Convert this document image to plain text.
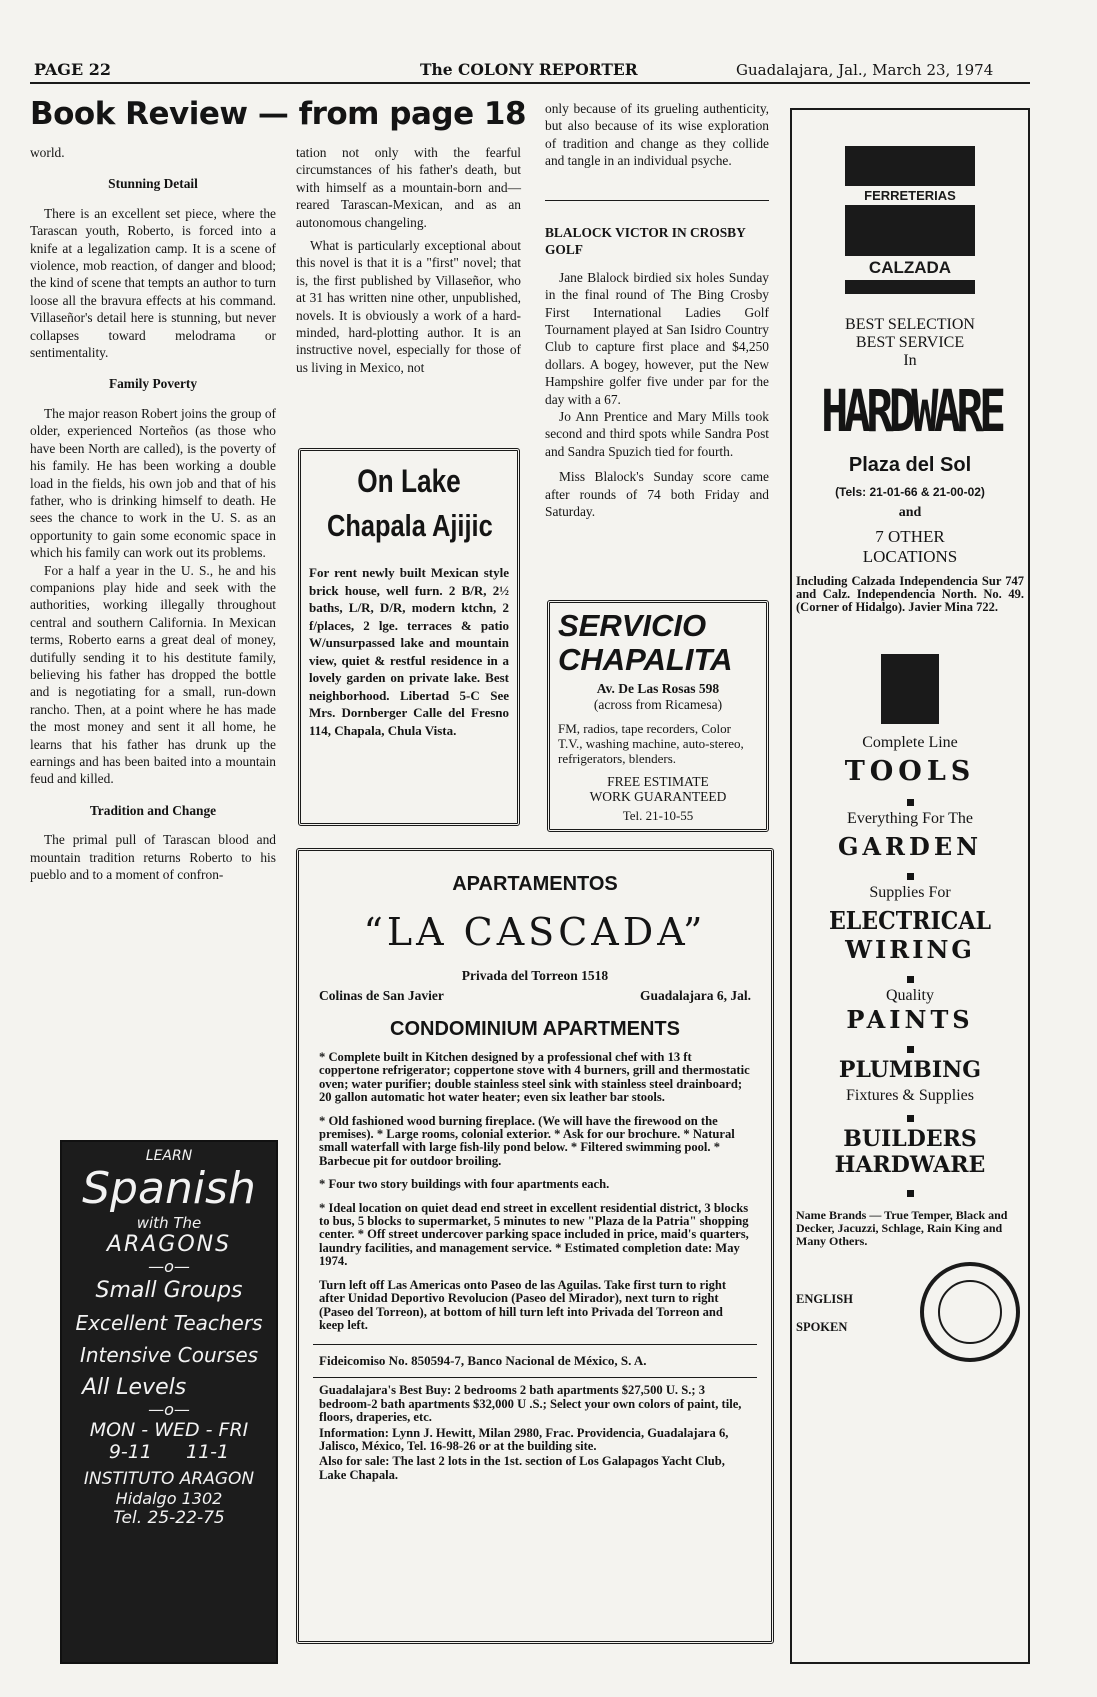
PAGE 22	The COLONY REPORTER	Guadalajara, Jal., March 23, 1974
Book Review — from page 18
world.
Stunning Detail

There is an excellent set piece, where the Tarascan youth, Roberto, is forced into a knife at a legalization camp. It is a scene of violence, mob reaction, of danger and blood; the kind of scene that tempts an author to turn loose all the bravura effects at his command. Villaseñor's detail here is stunning, but never collapses toward melodrama or sentimentality.

Family Poverty

The major reason Robert joins the group of older, experienced Norteños (as those who have been North are called), is the poverty of his family. He has been working a double load in the fields, his own job and that of his father, who is drinking himself to death. He sees the chance to work in the U. S. as an opportunity to gain some economic space in which his family can work out its problems.

For a half a year in the U. S., he and his companions play hide and seek with the authorities, working illegally throughout central and southern California. In Mexican terms, Roberto earns a great deal of money, dutifully sending it to his destitute family, believing his father has dropped the bottle and is negotiating for a small, run-down rancho. Then, at a point where he has made the most money and sent it all home, he learns that his father has drunk up the earnings and has been baited into a mountain feud and killed.

Tradition and Change

The primal pull of Tarascan blood and mountain tradition returns Roberto to his pueblo and to a moment of confron-

LEARN
Spanish
with The
ARAGONS
—o—
Small Groups
Excellent Teachers
Intensive Courses
All Levels
—o—
MON - WED - FRI
9-11 11-1
INSTITUTO ARAGON
Hidalgo 1302
Tel. 25-22-75

tation not only with the fearful circumstances of his father's death, but with himself as a mountain-born and—reared Tarascan-Mexican, and as an autonomous changeling.

What is particularly exceptional about this novel is that it is a "first" novel; that is, the first published by Villaseñor, who at 31 has written nine other, unpublished, novels. It is obviously a work of a hard-minded, hard-plotting author. It is an instructive novel, especially for those of us living in Mexico, not

On Lake
Chapala Ajijic
For rent newly built Mexican style brick house, well furn. 2 B/R, 2½ baths, L/R, D/R, modern ktchn, 2 f/places, 2 lge. terraces & patio W/unsurpassed lake and mountain view, quiet & restful residence in a lovely garden on private lake. Best neighborhood. Libertad 5-C See Mrs. Dornberger Calle del Fresno 114, Chapala, Chula Vista.

only because of its grueling authenticity, but also because of its wise exploration of tradition and change as they collide and tangle in an individual psyche.

BLALOCK VICTOR IN CROSBY GOLF

Jane Blalock birdied six holes Sunday in the final round of The Bing Crosby First International Ladies Golf Tournament played at San Isidro Country Club to capture first place and $4,250 dollars. A bogey, however, put the New Hampshire golfer five under par for the day with a 67.

Jo Ann Prentice and Mary Mills took second and third spots while Sandra Post and Sandra Spuzich tied for fourth.

Miss Blalock's Sunday score came after rounds of 74 both Friday and Saturday.

SERVICIO
CHAPALITA
Av. De Las Rosas 598
(across from Ricamesa)
FM, radios, tape recorders, Color T.V., washing machine, auto-stereo, refrigerators, blenders.
FREE ESTIMATE
WORK GUARANTEED
Tel. 21-10-55
APARTAMENTOS
“LA CASCADA”
Privada del Torreon 1518
Colinas de San Javier	Guadalajara 6, Jal.
CONDOMINIUM APARTMENTS
* Complete built in Kitchen designed by a professional chef with 13 ft coppertone refrigerator; coppertone stove with 4 burners, grill and thermostatic oven; water purifier; double stainless steel sink with stainless steel drainboard; 20 gallon automatic hot water heater; even six leather bar stools.
* Old fashioned wood burning fireplace. (We will have the firewood on the premises). * Large rooms, colonial exterior. * Ask for our brochure. * Natural small waterfall with large fish-lily pond below. * Filtered swimming pool. * Barbecue pit for outdoor broiling.
* Four two story buildings with four apartments each.
* Ideal location on quiet dead end street in excellent residential district, 3 blocks to bus, 5 blocks to supermarket, 5 minutes to new "Plaza de la Patria" shopping center. * Off street undercover parking space included in price, maid's quarters, laundry facilities, and management service. * Estimated completion date: May 1974.
Turn left off Las Americas onto Paseo de las Aguilas. Take first turn to right after Unidad Deportivo Revolucion (Paseo del Mirador), next turn to right (Paseo del Torreon), at bottom of hill turn left into Privada del Torreon and keep left.
Fideicomiso No. 850594-7, Banco Nacional de México, S. A.
Guadalajara's Best Buy: 2 bedrooms 2 bath apartments $27,500 U. S.; 3 bedroom-2 bath apartments $32,000 U .S.; Select your own colors of paint, tile, floors, draperies, etc.
Information: Lynn J. Hewitt, Milan 2980, Frac. Providencia, Guadalajara 6, Jalisco, México, Tel. 16-98-26 or at the building site.
Also for sale: The last 2 lots in the 1st. section of Los Galapagos Yacht Club, Lake Chapala.
FERRETERIAS
CALZADA
BEST SELECTION
BEST SERVICE
In
HARDWARE
Plaza del Sol
(Tels: 21-01-66 & 21-00-02)
and
7 OTHER
LOCATIONS
Including Calzada Independencia Sur 747 and Calz. Independencia North. No. 49. (Corner of Hidalgo). Javier Mina 722.
Complete Line
TOOLS
Everything For The
GARDEN
Supplies For
ELECTRICAL
WIRING
Quality
PAINTS
PLUMBING
Fixtures & Supplies
BUILDERS
HARDWARE
Name Brands — True Temper, Black and Decker, Jacuzzi, Schlage, Rain King and Many Others.
ENGLISH
SPOKEN
